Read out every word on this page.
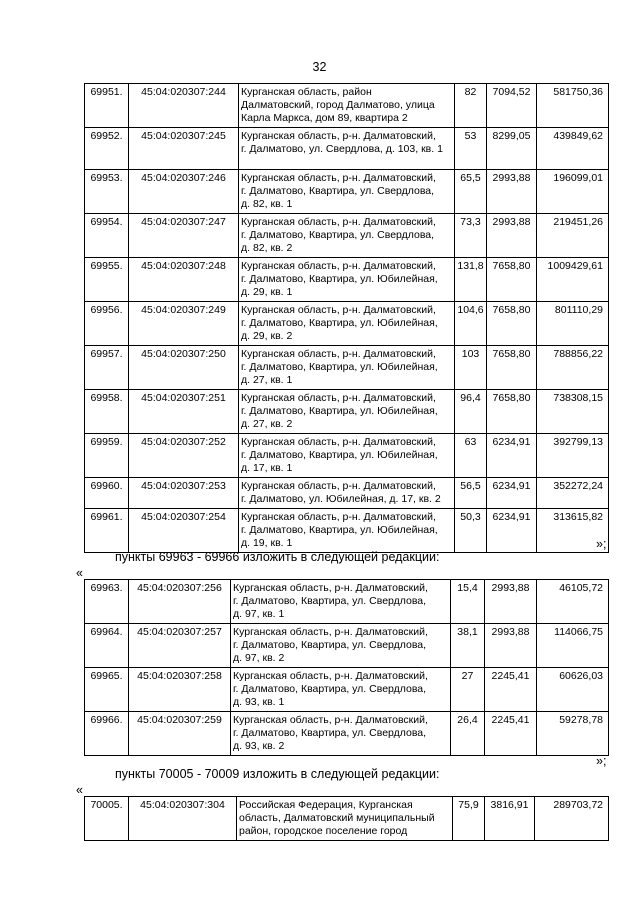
32
69951.	45:04:020307:244	Курганская область, район
Далматовский, город Далматово, улица
Карла Маркса, дом 89, квартира 2	82	7094,52	581750,36
69952.	45:04:020307:245	Курганская область, р-н. Далматовский,
г. Далматово, ул. Свердлова, д. 103, кв. 1	53	8299,05	439849,62
69953.	45:04:020307:246	Курганская область, р-н. Далматовский,
г. Далматово, Квартира, ул. Свердлова,
д. 82, кв. 1	65,5	2993,88	196099,01
69954.	45:04:020307:247	Курганская область, р-н. Далматовский,
г. Далматово, Квартира, ул. Свердлова,
д. 82, кв. 2	73,3	2993,88	219451,26
69955.	45:04:020307:248	Курганская область, р-н. Далматовский,
г. Далматово, Квартира, ул. Юбилейная,
д. 29, кв. 1	131,8	7658,80	1009429,61
69956.	45:04:020307:249	Курганская область, р-н. Далматовский,
г. Далматово, Квартира, ул. Юбилейная,
д. 29, кв. 2	104,6	7658,80	801110,29
69957.	45:04:020307:250	Курганская область, р-н. Далматовский,
г. Далматово, Квартира, ул. Юбилейная,
д. 27, кв. 1	103	7658,80	788856,22
69958.	45:04:020307:251	Курганская область, р-н. Далматовский,
г. Далматово, Квартира, ул. Юбилейная,
д. 27, кв. 2	96,4	7658,80	738308,15
69959.	45:04:020307:252	Курганская область, р-н. Далматовский,
г. Далматово, Квартира, ул. Юбилейная,
д. 17, кв. 1	63	6234,91	392799,13
69960.	45:04:020307:253	Курганская область, р-н. Далматовский,
г. Далматово, ул. Юбилейная, д. 17, кв. 2	56,5	6234,91	352272,24
69961.	45:04:020307:254	Курганская область, р-н. Далматовский,
г. Далматово, Квартира, ул. Юбилейная,
д. 19, кв. 1	50,3	6234,91	313615,82
»;
пункты 69963 - 69966 изложить в следующей редакции:
«
69963.	45:04:020307:256	Курганская область, р-н. Далматовский,
г. Далматово, Квартира, ул. Свердлова,
д. 97, кв. 1	15,4	2993,88	46105,72
69964.	45:04:020307:257	Курганская область, р-н. Далматовский,
г. Далматово, Квартира, ул. Свердлова,
д. 97, кв. 2	38,1	2993,88	114066,75
69965.	45:04:020307:258	Курганская область, р-н. Далматовский,
г. Далматово, Квартира, ул. Свердлова,
д. 93, кв. 1	27	2245,41	60626,03
69966.	45:04:020307:259	Курганская область, р-н. Далматовский,
г. Далматово, Квартира, ул. Свердлова,
д. 93, кв. 2	26,4	2245,41	59278,78
»;
пункты 70005 - 70009 изложить в следующей редакции:
«
70005.	45:04:020307:304	Российская Федерация, Курганская
область, Далматовский муниципальный
район, городское поселение город
	75,9	3816,91	289703,72
